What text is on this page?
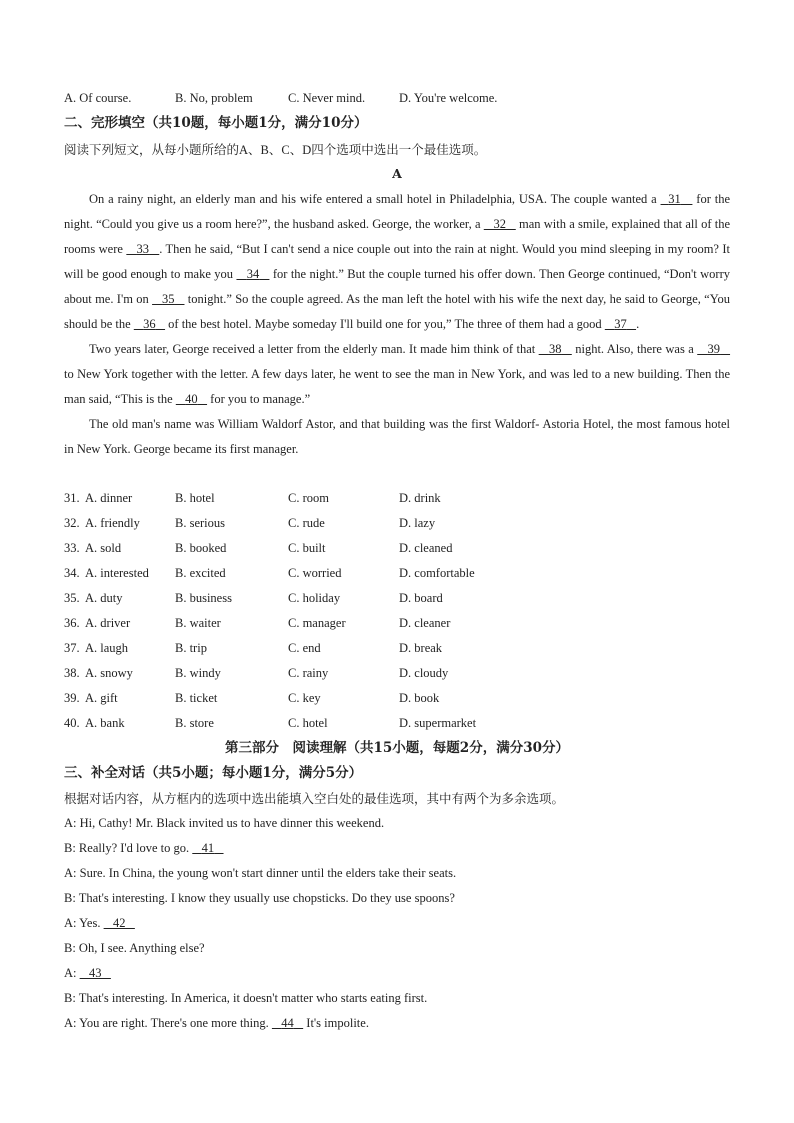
A. Of course.	B. No, problem	C. Never mind.	D. You're welcome.
二、完形填空（共10题，每小题1分，满分10分）
阅读下列短文，从每小题所给的A、B、C、D四个选项中选出一个最佳选项。
A

On a rainy night, an elderly man and his wife entered a small hotel in Philadelphia, USA. The couple wanted a   31    for the night. “Could you give us a room here?”, the husband asked. George, the worker, a    32    man with a smile, explained that all of the rooms were    33 . Then he said, “But I can't send a nice couple out into the rain at night. Would you mind sleeping in my room? It will be good enough to make you    34    for the night.” But the couple turned his offer down. Then George continued, “Don't worry about me. I'm on    35    tonight.” So the couple agreed. As the man left the hotel with his wife the next day, he said to George, “You should be the    36    of the best hotel. Maybe someday I'll build one for you,” The three of them had a good    37 .

Two years later, George received a letter from the elderly man. It made him think of that    38    night. Also, there was a    39    to New York together with the letter. A few days later, he went to see the man in New York, and was led to a new building. Then the man said, “This is the    40    for you to manage.”

The old man's name was William Waldorf Astor, and that building was the first Waldorf- Astoria Hotel, the most famous hotel in New York. George became its first manager.

31. A. dinner	B. hotel	C. room	D. drink
32. A. friendly	B. serious	C. rude	D. lazy
33. A. sold	B. booked	C. built	D. cleaned
34. A. interested B. excited	C. worried	D. comfortable
35. A. duty	B. business	C. holiday	D. board
36. A. driver	B. waiter	C. manager	D. cleaner
37. A. laugh	B. trip	C. end	D. break
38. A. snowy	B. windy	C. rainy	D. cloudy
39. A. gift	B. ticket	C. key	D. book
40. A. bank	B. store	C. hotel	D. supermarket
第三部分　阅读理解（共15小题，每题2分，满分30分）
三、补全对话（共5小题；每小题1分，满分5分）
根据对话内容，从方框内的选项中选出能填入空白处的最佳选项，其中有两个为多余选项。
A: Hi, Cathy! Mr. Black invited us to have dinner this weekend.
B: Really? I'd love to go.    41
A: Sure. In China, the young won't start dinner until the elders take their seats.
B: That's interesting. I know they usually use chopsticks. Do they use spoons?
A: Yes.    42
B: Oh, I see. Anything else?
A:    43
B: That's interesting. In America, it doesn't matter who starts eating first.
A: You are right. There's one more thing.    44    It's impolite.
